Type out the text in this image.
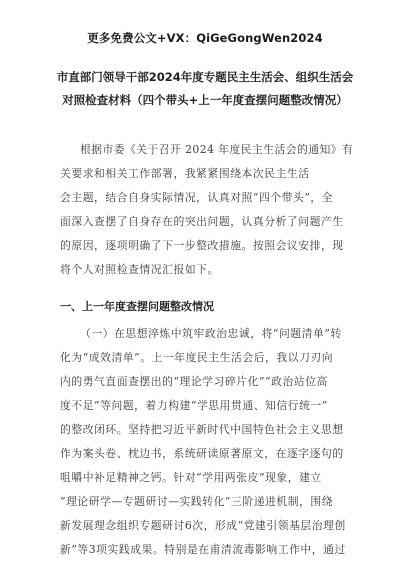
更多免费公文+VX：QiGeGongWen2024
市直部门领导干部2024年度专题民主生活会、组织生活会
对照检查材料（四个带头+上一年度查摆问题整改情况）
根据市委《关于召开 2024 年度民主生活会的通知》有
关要求和相关工作部署，我紧紧围绕本次民主生活
会主题，结合自身实际情况，认真对照“四个带头”，全
面深入查摆了自身存在的突出问题，认真分析了问题产生
的原因，逐项明确了下一步整改措施。按照会议安排，现
将个人对照检查情况汇报如下。
一、上一年度查摆问题整改情况
（一）在思想淬炼中筑牢政治忠诚，将“问题清单”转
化为“成效清单”。上一年度民主生活会后，我以刀刃向
内的勇气直面查摆出的“理论学习碎片化”“政治站位高
度不足”等问题，着力构建“学思用贯通、知信行统一”
的整改闭环。坚持把习近平新时代中国特色社会主义思想
作为案头卷、枕边书，系统研读原著原文，在逐字逐句的
咀嚼中补足精神之钙。针对“学用两张皮”现象，建立
“理论研学—专题研讨—实践转化”三阶递进机制，围绕
新发展理念组织专题研讨6次，形成“党建引领基层治理创
新”等3项实践成果。特别是在甫清流毒影响工作中，通过
